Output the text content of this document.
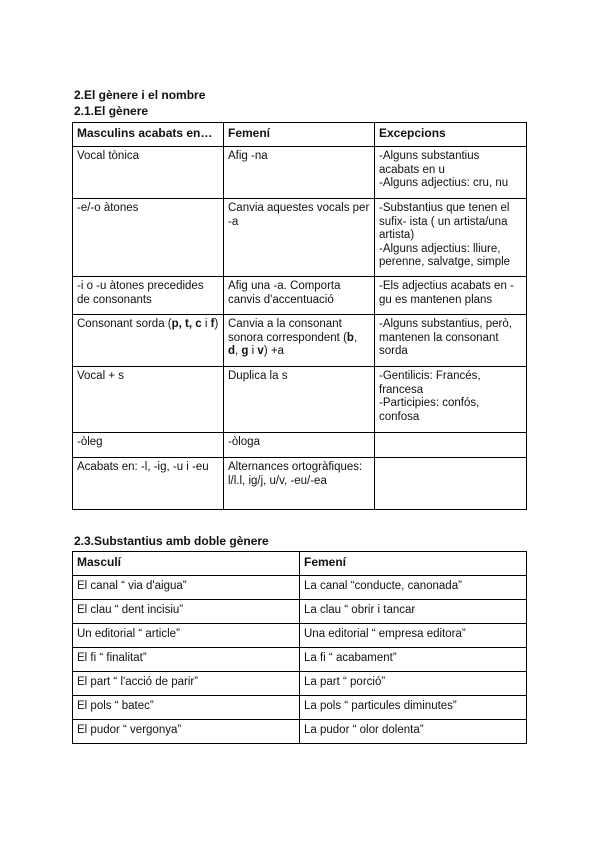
2.El gènere i el nombre
2.1.El gènere
Masculins acabats en…	Femení	Excepcions
Vocal tònica	Afig -na	-Alguns substantius acabats en u
-Alguns adjectius: cru, nu

-e/-o àtones	Canvia aquestes vocals per -a	-Substantius que tenen el sufix- ista ( un artista/una artista)
-Alguns adjectius: lliure, perenne, salvatge, simple

-i o -u àtones precedides de consonants	Afig una -a. Comporta canvis d'accentuació	-Els adjectius acabats en -gu es mantenen plans

Consonant sorda (p, t, c i f)	Canvia a la consonant sonora correspondent (b, d, g i v) +a	-Alguns substantius, però, mantenen la consonant sorda

Vocal + s	Duplica la s	-Gentilicis: Francés, francesa
-Participies: confós, confosa

-òleg	-òloga	
Acabats en: -l, -ig, -u i -eu	Alternances ortogràfiques: l/l.l, ig/j, u/v, -eu/-ea	
2.3.Substantius amb doble gènere
Masculí	Femení
El canal “ via d'aigua”	La canal “conducte, canonada”
El clau “ dent incisiu”	La clau “ obrir i tancar
Un editorial “ article”	Una editorial “ empresa editora”
El fi “ finalitat”	La fi “ acabament”
El part “ l'acció de parir”	La part “ porció”
El pols “ batec”	La pols “ particules diminutes”
El pudor “ vergonya”	La pudor “ olor dolenta”
